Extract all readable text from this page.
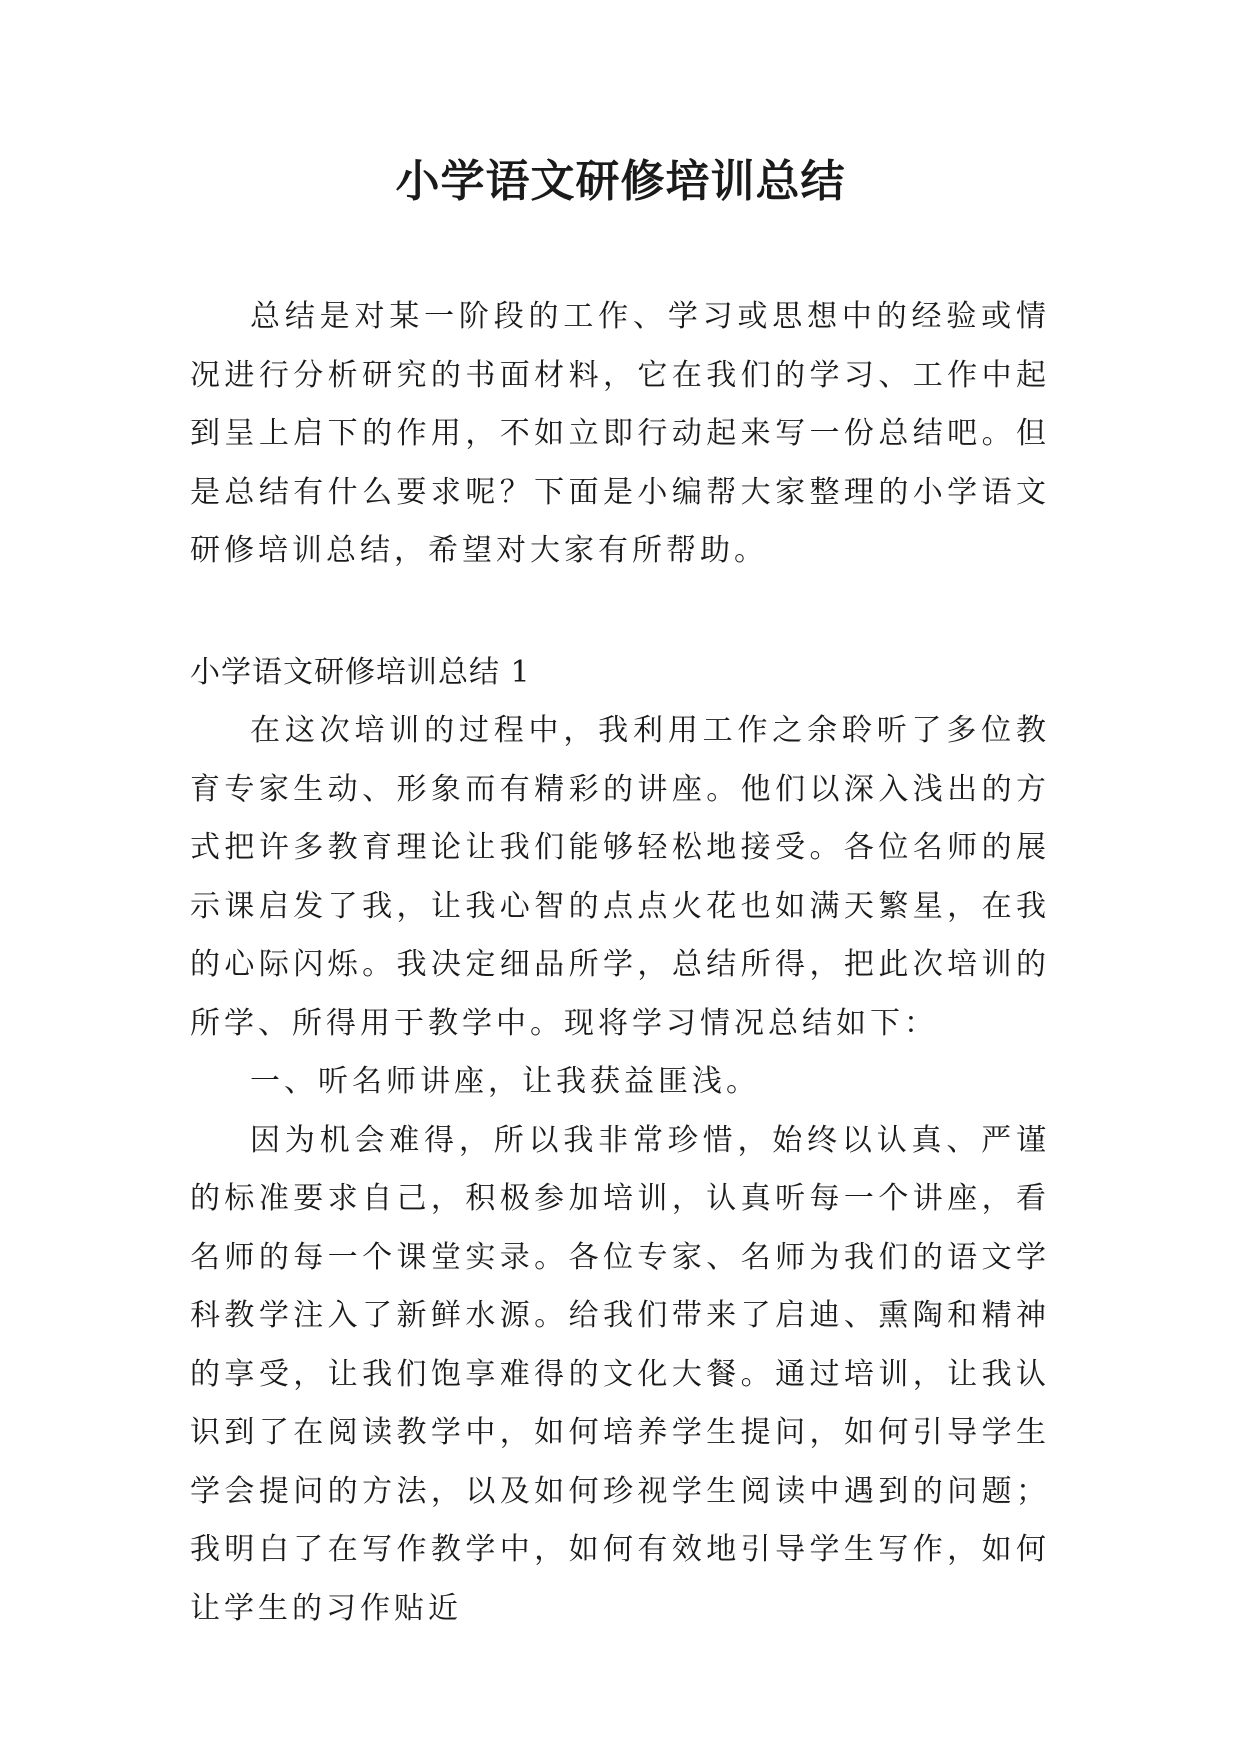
小学语文研修培训总结

总结是对某一阶段的工作、学习或思想中的经验或情况进行分析研究的书面材料，它在我们的学习、工作中起到呈上启下的作用，不如立即行动起来写一份总结吧。但是总结有什么要求呢？下面是小编帮大家整理的小学语文研修培训总结，希望对大家有所帮助。

小学语文研修培训总结 1

在这次培训的过程中，我利用工作之余聆听了多位教育专家生动、形象而有精彩的讲座。他们以深入浅出的方式把许多教育理论让我们能够轻松地接受。各位名师的展示课启发了我，让我心智的点点火花也如满天繁星，在我的心际闪烁。我决定细品所学，总结所得，把此次培训的所学、所得用于教学中。现将学习情况总结如下：

一、听名师讲座，让我获益匪浅。

因为机会难得，所以我非常珍惜，始终以认真、严谨的标准要求自己，积极参加培训，认真听每一个讲座，看名师的每一个课堂实录。各位专家、名师为我们的语文学科教学注入了新鲜水源。给我们带来了启迪、熏陶和精神的享受，让我们饱享难得的文化大餐。通过培训，让我认识到了在阅读教学中，如何培养学生提问，如何引导学生学会提问的方法，以及如何珍视学生阅读中遇到的问题；我明白了在写作教学中，如何有效地引导学生写作，如何让学生的习作贴近
